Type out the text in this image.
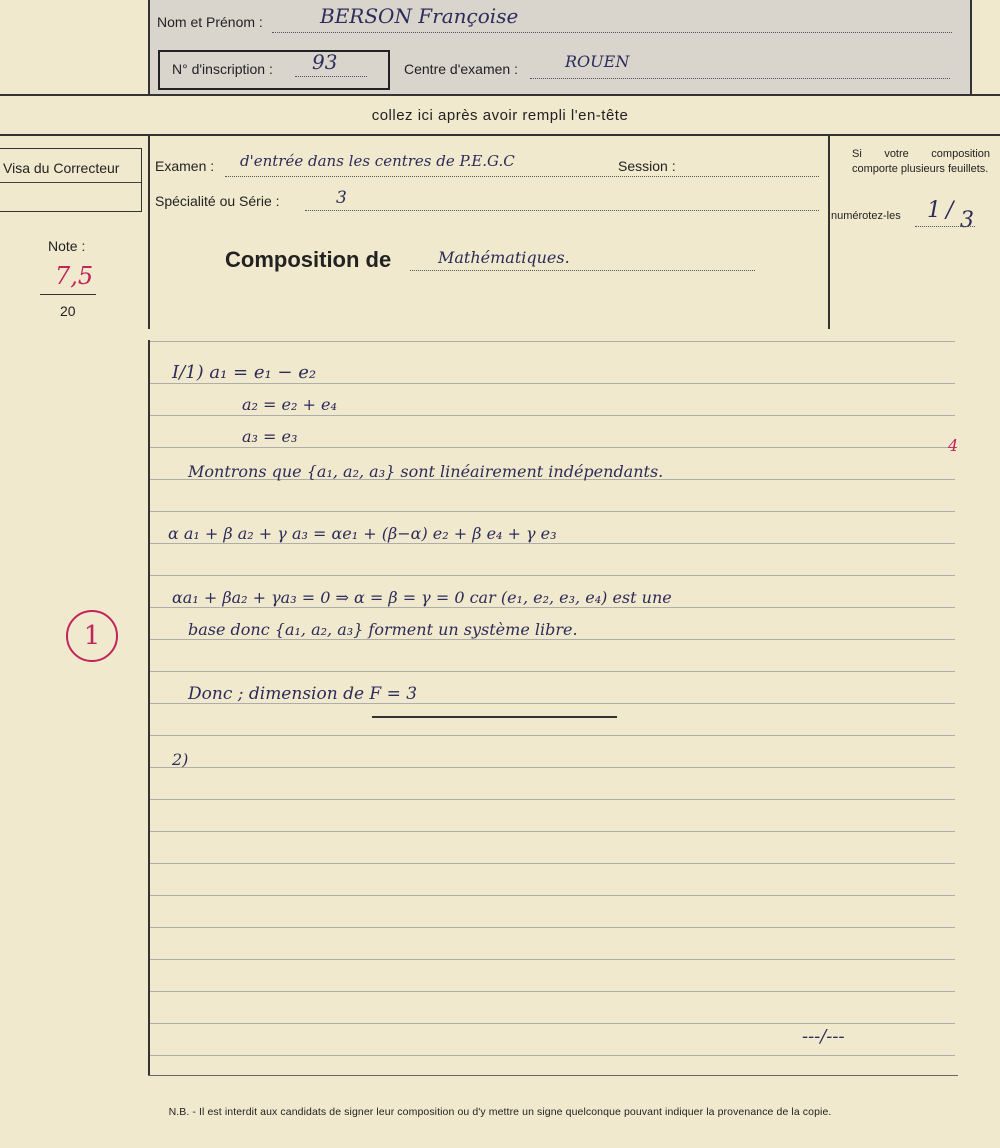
Nom et Prénom :	BERSON Françoise
N° d'inscription : 93	Centre d'examen :	ROUEN
collez ici après avoir rempli l'en-tête
Visa du Correcteur
Note :
7,5
20
Examen : d'entrée dans les centres de P.E.G.C	Session :
Spécialité ou Série :	3
Composition de	Mathématiques.
Si votre composition comporte plusieurs feuillets.
numérotez-les 1 / 3
I/1) a₁ = e₁ − e₂
a₂ = e₂ + e₄
a₃ = e₃
Montrons que {a₁, a₂, a₃} sont linéairement indépendants.
α a₁ + β a₂ + γ a₃ = αe₁ + (β−α) e₂ + β e₄ + γ e₃
αa₁ + βa₂ + γa₃ = 0 ⇒ α = β = γ = 0 car (e₁, e₂, e₃, e₄) est une
base donc {a₁, a₂, a₃} forment un système libre.
Donc ; dimension de F = 3
2)
1
4
---/---
N.B. - Il est interdit aux candidats de signer leur composition ou d'y mettre un signe quelconque pouvant indiquer la provenance de la copie.
